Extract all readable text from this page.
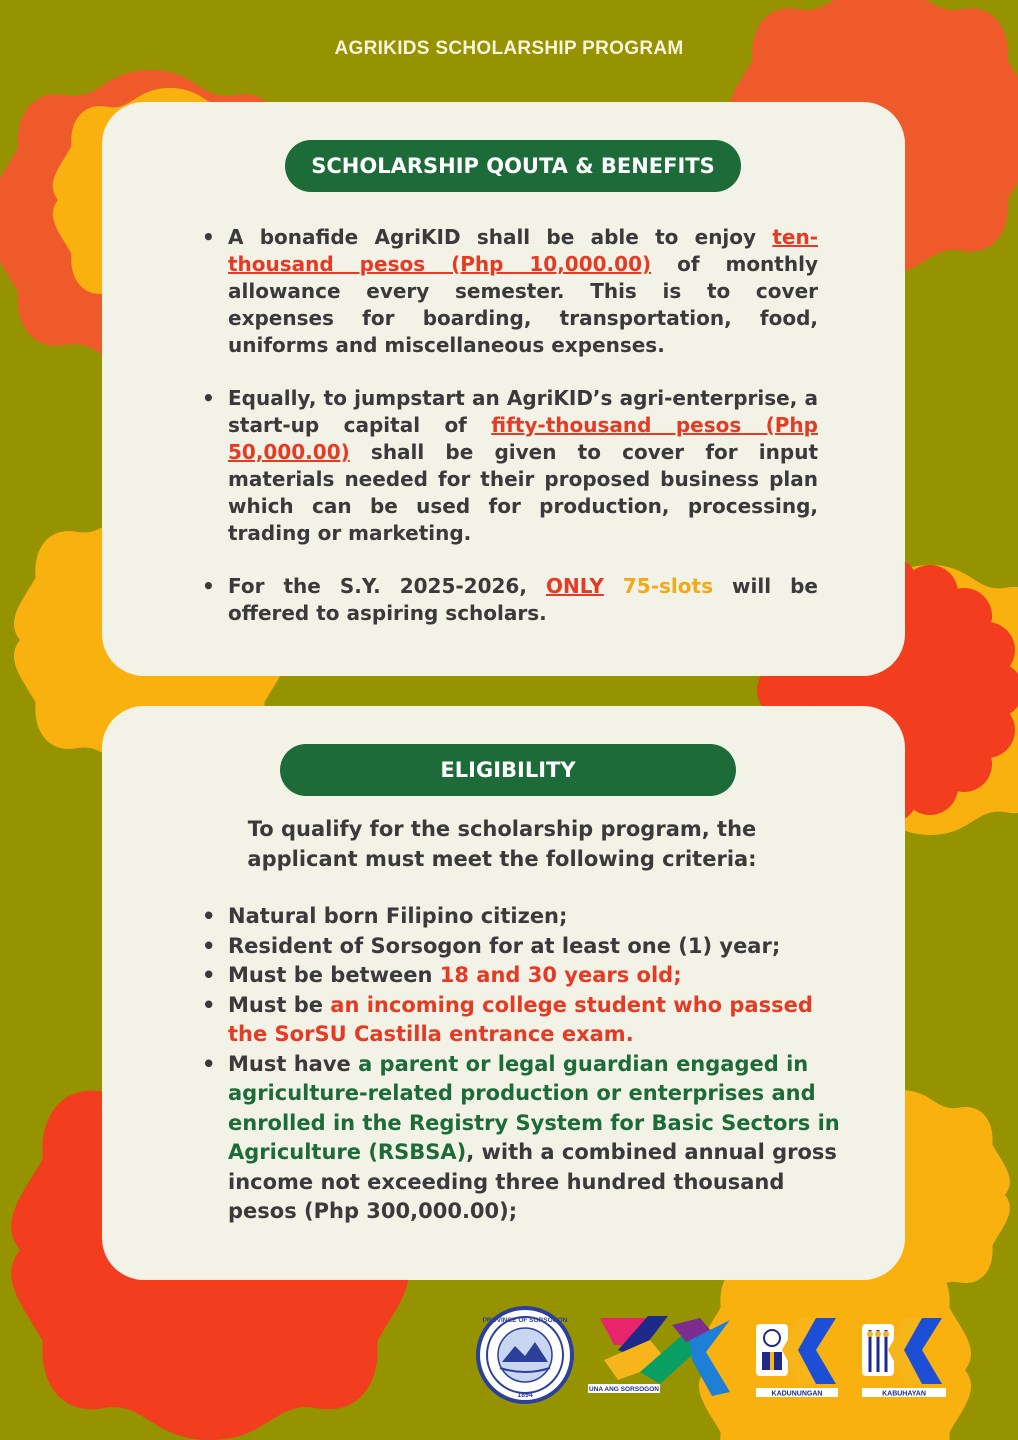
AGRIKIDS SCHOLARSHIP PROGRAM
SCHOLARSHIP QOUTA & BENEFITS
• A bonafide AgriKID shall be able to enjoy ten-thousand pesos (Php 10,000.00) of monthly allowance every semester. This is to cover expenses for boarding, transportation, food, uniforms and miscellaneous expenses.
• Equally, to jumpstart an AgriKID’s agri-enterprise, a start-up capital of fifty-thousand pesos (Php 50,000.00) shall be given to cover for input materials needed for their proposed business plan which can be used for production, processing, trading or marketing.
• For the S.Y. 2025-2026, ONLY 75-slots will be offered to aspiring scholars.
ELIGIBILITY
To qualify for the scholarship program, the
applicant must meet the following criteria:
• Natural born Filipino citizen;
• Resident of Sorsogon for at least one (1) year;
• Must be between 18 and 30 years old;
• Must be an incoming college student who passed the SorSU Castilla entrance exam.
• Must have a parent or legal guardian engaged in agriculture-related production or enterprises and enrolled in the Registry System for Basic Sectors in Agriculture (RSBSA), with a combined annual gross income not exceeding three hundred thousand pesos (Php 300,000.00);
PROVINCE OF SORSOGON
1894
UNA ANG SORSOGON
KADUNUNGAN	KABUHAYAN
